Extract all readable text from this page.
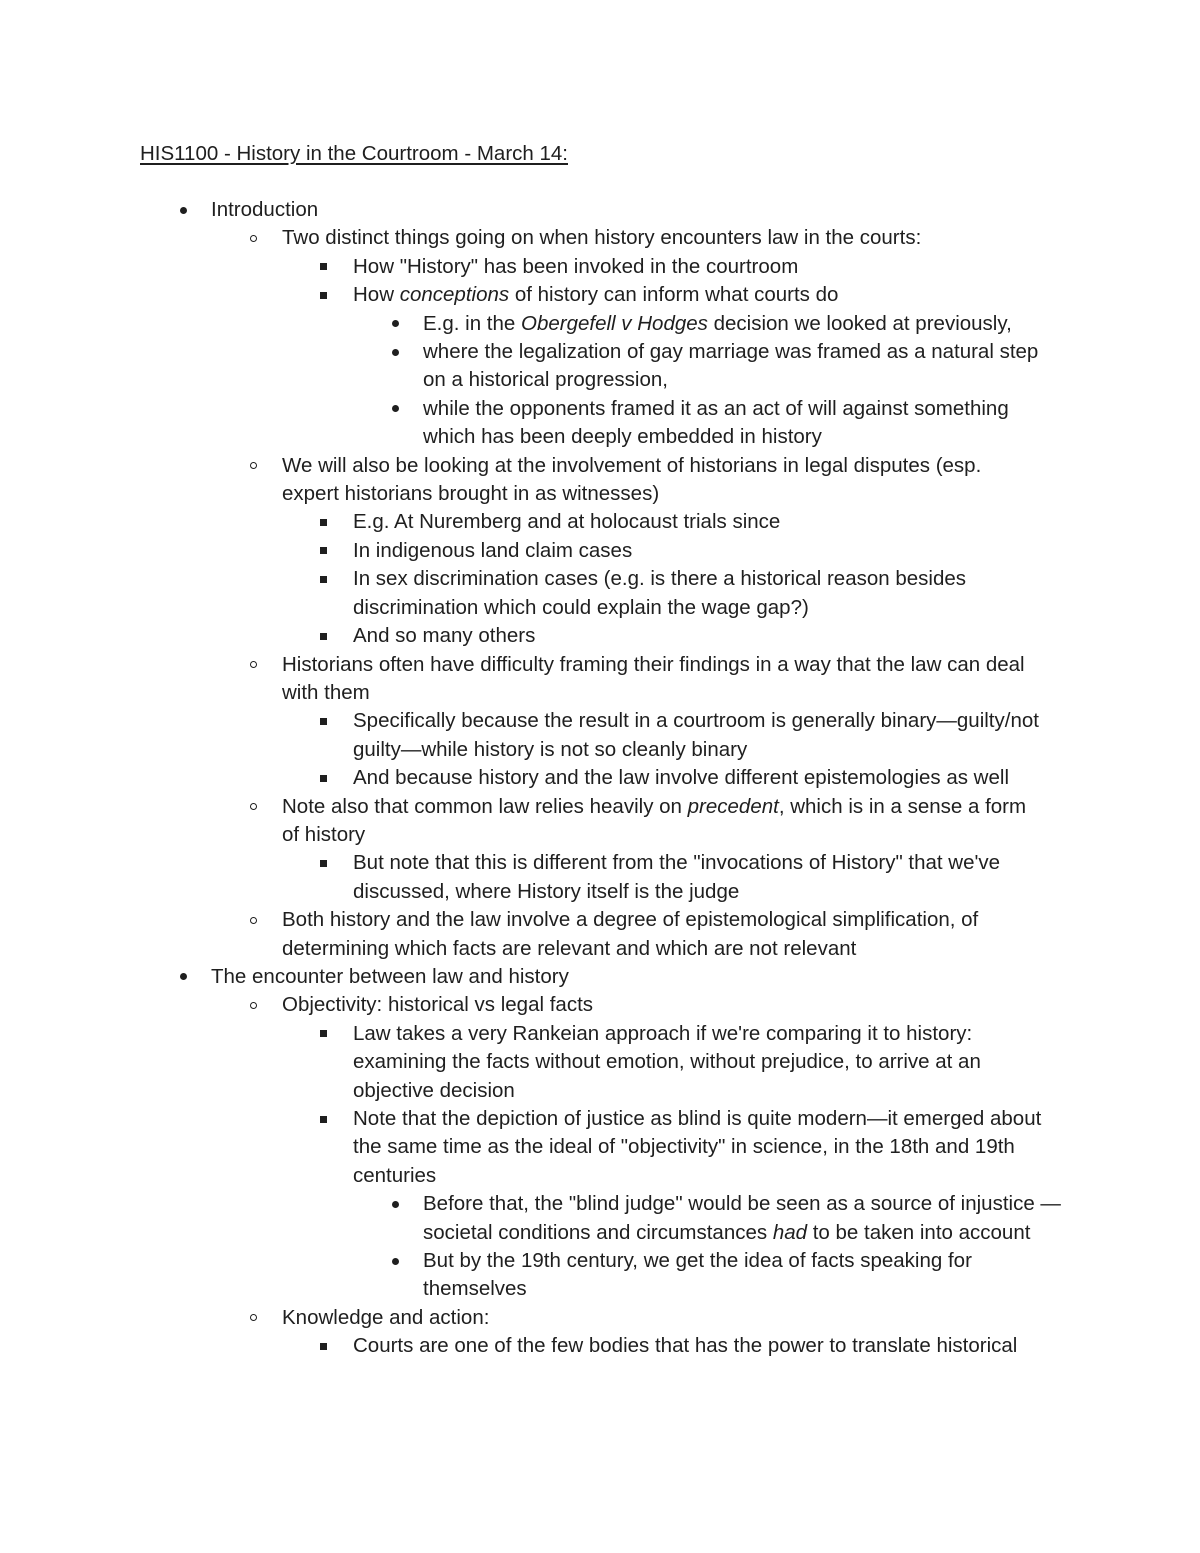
HIS1100 - History in the Courtroom - March 14:
Introduction
Two distinct things going on when history encounters law in the courts:
How "History" has been invoked in the courtroom
How conceptions of history can inform what courts do
E.g. in the Obergefell v Hodges decision we looked at previously,
where the legalization of gay marriage was framed as a natural step on a historical progression,
while the opponents framed it as an act of will against something which has been deeply embedded in history
We will also be looking at the involvement of historians in legal disputes (esp. expert historians brought in as witnesses)
E.g. At Nuremberg and at holocaust trials since
In indigenous land claim cases
In sex discrimination cases (e.g. is there a historical reason besides discrimination which could explain the wage gap?)
And so many others
Historians often have difficulty framing their findings in a way that the law can deal with them
Specifically because the result in a courtroom is generally binary—guilty/not guilty—while history is not so cleanly binary
And because history and the law involve different epistemologies as well
Note also that common law relies heavily on precedent, which is in a sense a form of history
But note that this is different from the "invocations of History" that we've discussed, where History itself is the judge
Both history and the law involve a degree of epistemological simplification, of determining which facts are relevant and which are not relevant
The encounter between law and history
Objectivity: historical vs legal facts
Law takes a very Rankeian approach if we're comparing it to history: examining the facts without emotion, without prejudice, to arrive at an objective decision
Note that the depiction of justice as blind is quite modern—it emerged about the same time as the ideal of "objectivity" in science, in the 18th and 19th centuries
Before that, the "blind judge" would be seen as a source of injustice — societal conditions and circumstances had to be taken into account
But by the 19th century, we get the idea of facts speaking for themselves
Knowledge and action:
Courts are one of the few bodies that has the power to translate historical
